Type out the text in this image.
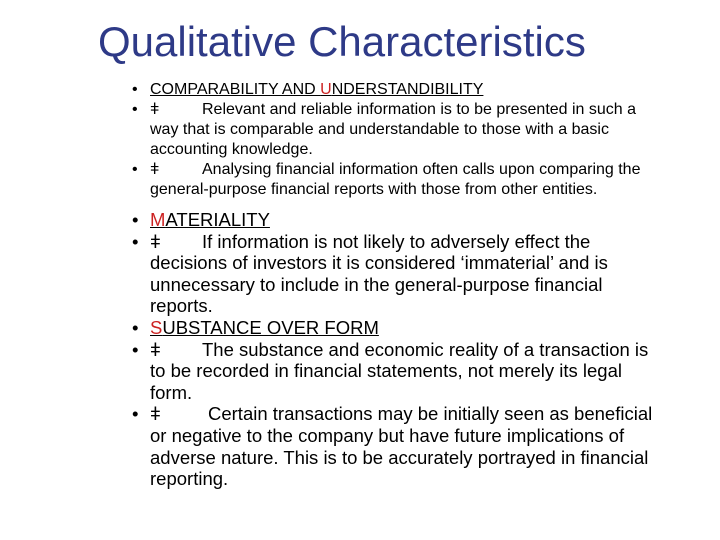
Qualitative Characteristics
• COMPARABILITY AND UNDERSTANDIBILITY
• ǂ	Relevant and reliable information is to be presented in such a way that is comparable and understandable to those with a basic accounting knowledge.
• ǂ	Analysing financial information often calls upon comparing the general-purpose financial reports with those from other entities.
• MATERIALITY
• ǂ If information is not likely to adversely effect the decisions of investors it is considered ‘immaterial’ and is unnecessary to include in the general-purpose financial reports.
• SUBSTANCE OVER FORM
• ǂ The substance and economic reality of a transaction is to be recorded in financial statements, not merely its legal form.
• ǂ	Certain transactions may be initially seen as beneficial or negative to the company but have future implications of adverse nature. This is to be accurately portrayed in financial reporting.
